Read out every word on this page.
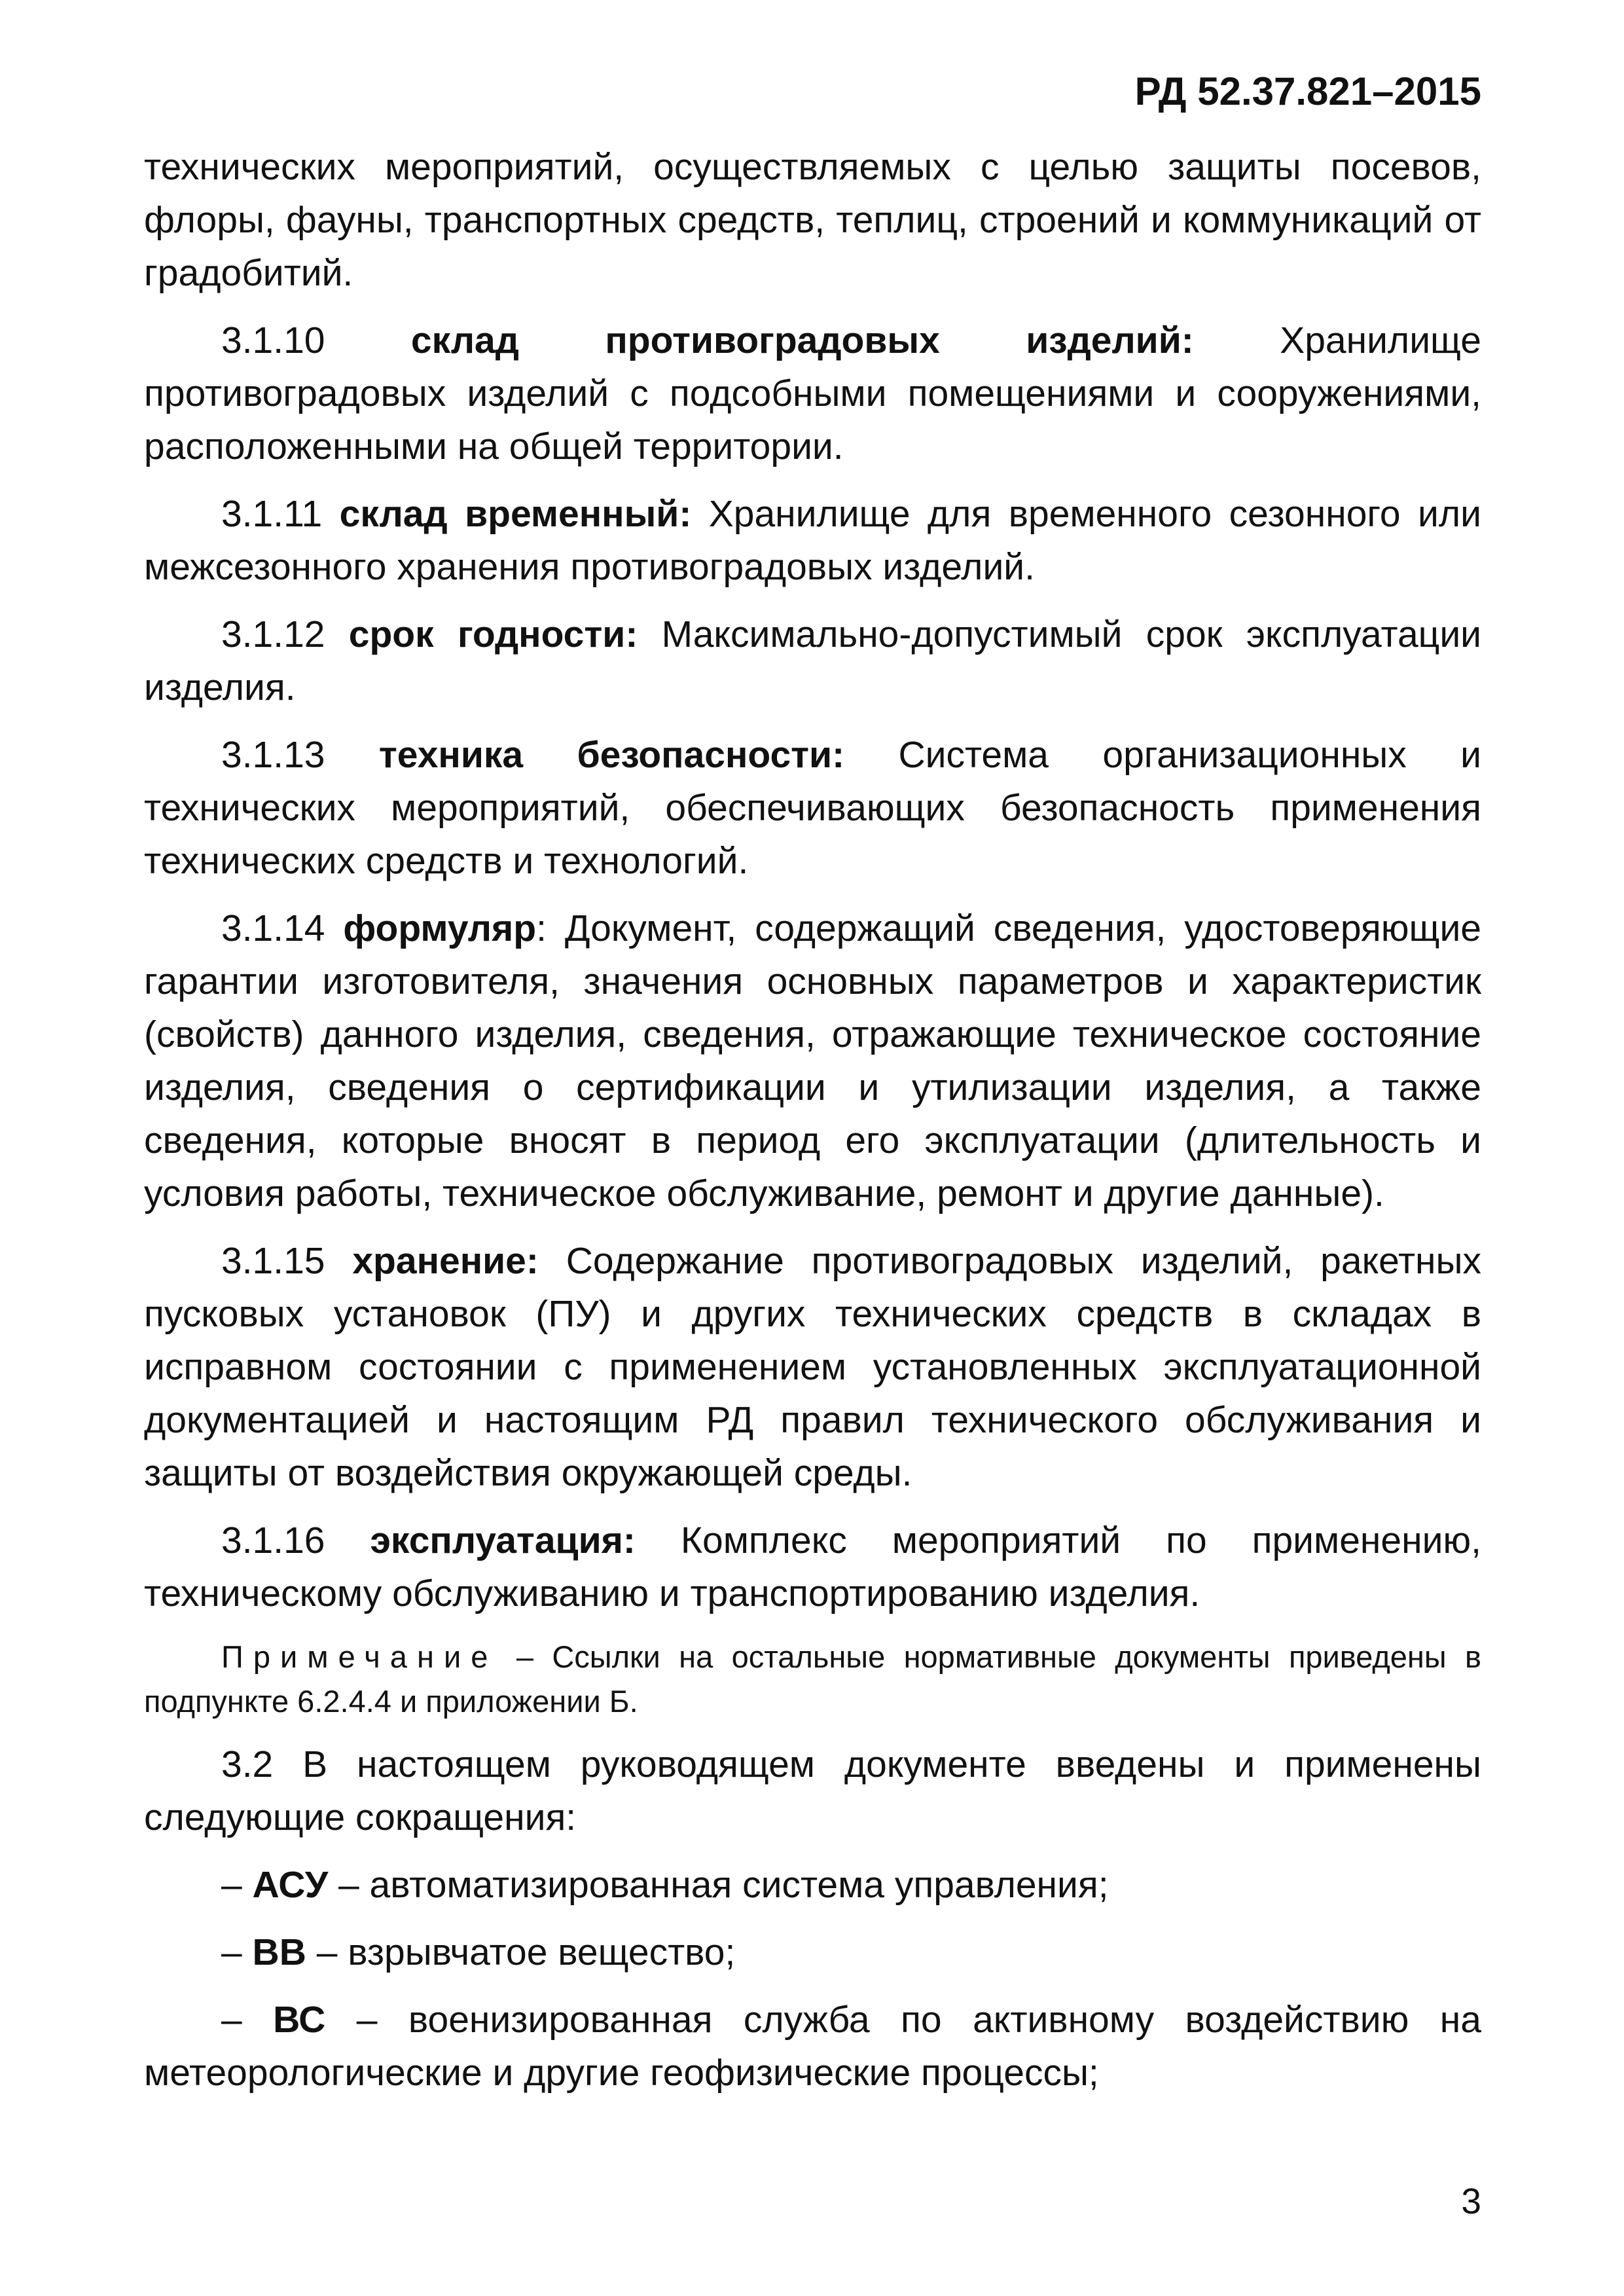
РД 52.37.821–2015

технических мероприятий, осуществляемых с целью защиты посевов, флоры, фауны, транспортных средств, теплиц, строений и коммуникаций от градобитий.

3.1.10 склад противоградовых изделий: Хранилище противоградовых изделий с подсобными помещениями и сооружениями, расположенными на общей территории.

3.1.11 склад временный: Хранилище для временного сезонного или межсезонного хранения противоградовых изделий.

3.1.12 срок годности: Максимально-допустимый срок эксплуатации изделия.

3.1.13 техника безопасности: Система организационных и технических мероприятий, обеспечивающих безопасность применения технических средств и технологий.

3.1.14 формуляр: Документ, содержащий сведения, удостоверяющие гарантии изготовителя, значения основных параметров и характеристик (свойств) данного изделия, сведения, отражающие техническое состояние изделия, сведения о сертификации и утилизации изделия, а также сведения, которые вносят в период его эксплуатации (длительность и условия работы, техническое обслуживание, ремонт и другие данные).

3.1.15 хранение: Содержание противоградовых изделий, ракетных пусковых установок (ПУ) и других технических средств в складах в исправном состоянии с применением установленных эксплуатационной документацией и настоящим РД правил технического обслуживания и защиты от воздействия окружающей среды.

3.1.16 эксплуатация: Комплекс мероприятий по применению, техническому обслуживанию и транспортированию изделия.

Примечание – Ссылки на остальные нормативные документы приведены в подпункте 6.2.4.4 и приложении Б.

3.2 В настоящем руководящем документе введены и применены следующие сокращения:

– АСУ – автоматизированная система управления;

– ВВ – взрывчатое вещество;

– ВС – военизированная служба по активному воздействию на метеорологические и другие геофизические процессы;

3
